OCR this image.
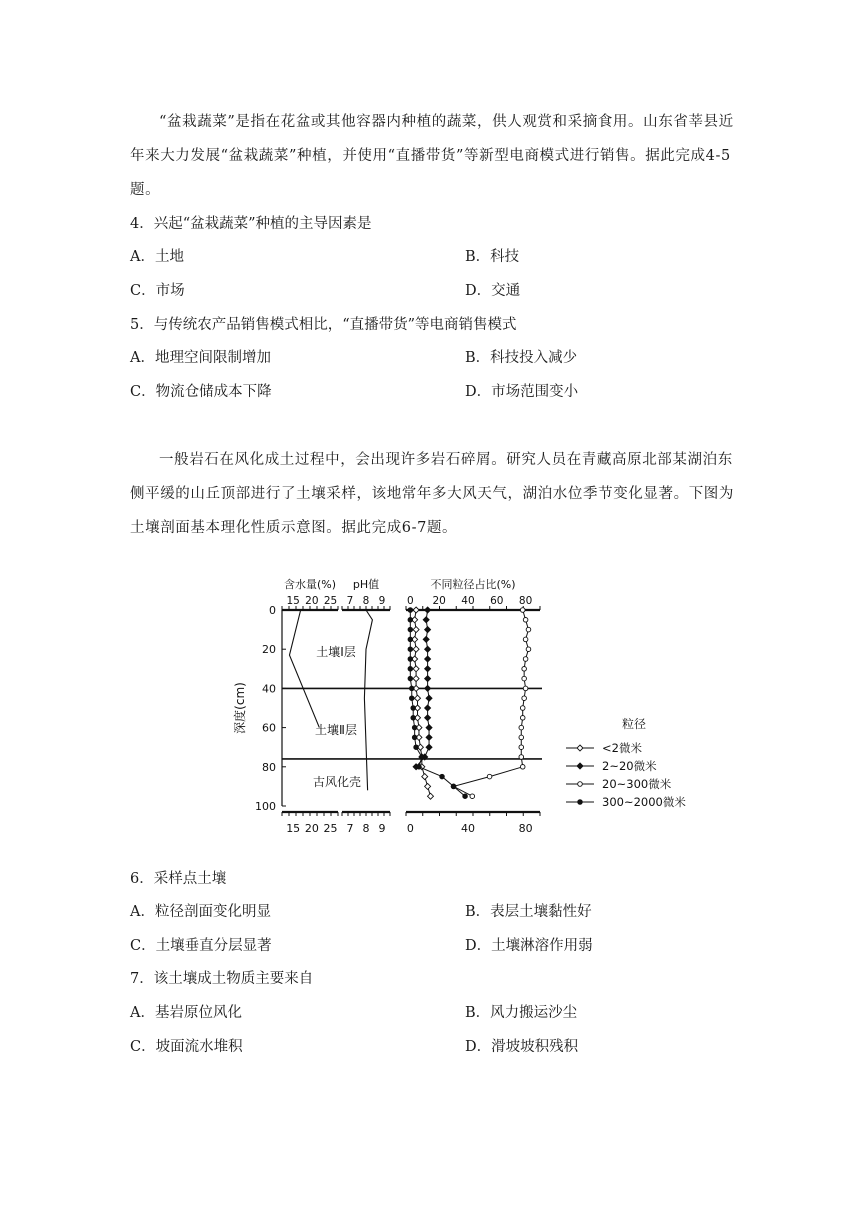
“盆栽蔬菜”是指在花盆或其他容器内种植的蔬菜，供人观赏和采摘食用。山东省莘县近年来大力发展“盆栽蔬菜”种植，并使用“直播带货”等新型电商模式进行销售。据此完成4-5题。
4．兴起“盆栽蔬菜”种植的主导因素是
A．土地	B．科技
C．市场	D．交通
5．与传统农产品销售模式相比，“直播带货”等电商销售模式
A．地理空间限制增加	B．科技投入减少
C．物流仓储成本下降	D．市场范围变小
一般岩石在风化成土过程中，会出现许多岩石碎屑。研究人员在青藏高原北部某湖泊东侧平缓的山丘顶部进行了土壤采样，该地常年多大风天气，湖泊水位季节变化显著。下图为土壤剖面基本理化性质示意图。据此完成6-7题。
0
20
40
60
80
100
深度(cm)
含水量(%)
15 20 25
15 20 25
pH值
7 8 9
7 8 9
不同粒径占比(%)
0 20 40 60 80
0	40	80
土壤Ⅰ层
土壤Ⅱ层
古风化壳
粒径
<2微米
2~20微米
20~300微米
300~2000微米
6．采样点土壤
A．粒径剖面变化明显	B．表层土壤黏性好
C．土壤垂直分层显著	D．土壤淋溶作用弱
7．该土壤成土物质主要来自
A．基岩原位风化	B．风力搬运沙尘
C．坡面流水堆积	D．滑坡坡积残积
